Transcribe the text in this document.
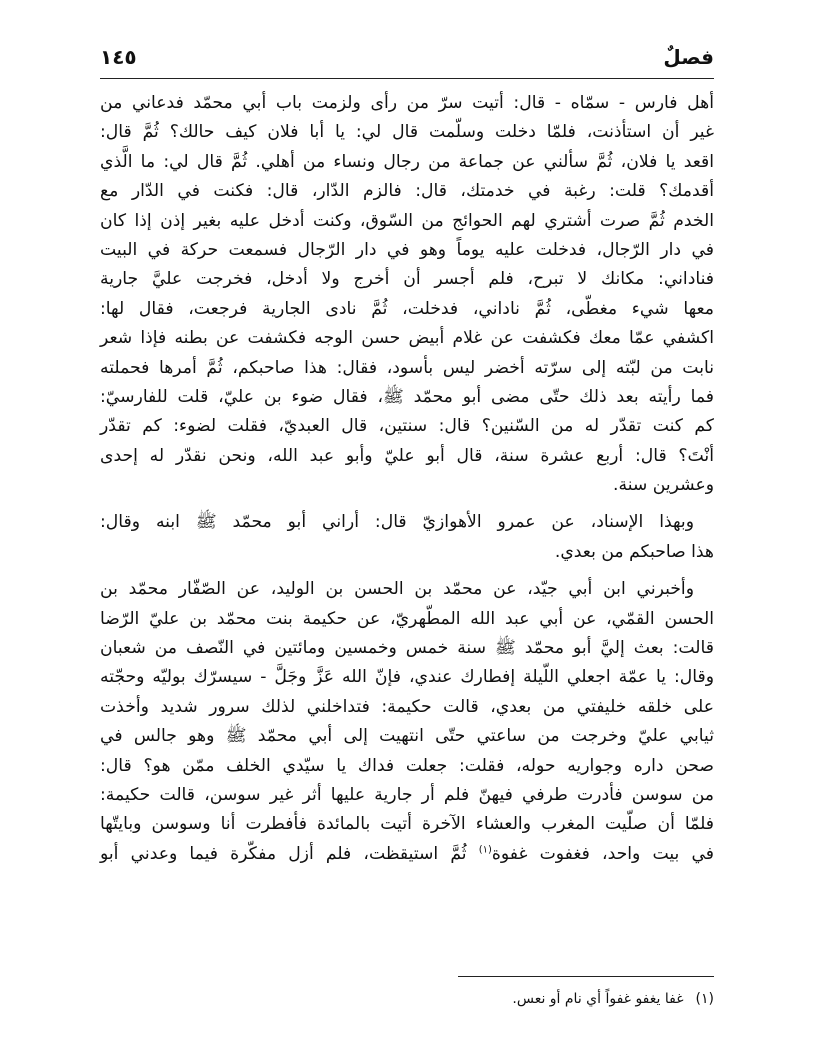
فصلٌ
١٤٥
أهل فارس - سمّاه - قال: أتيت سرّ من رأى ولزمت باب أبي محمّد فدعاني من
غير أن استأذنت، فلمّا دخلت وسلّمت قال لي: يا أبا فلان كيف حالك؟ ثُمَّ قال:
اقعد يا فلان، ثُمَّ سألني عن جماعة من رجال ونساء من أهلي. ثُمَّ قال لي: ما الَّذي
أقدمك؟ قلت: رغبة في خدمتك، قال: فالزم الدّار، قال: فكنت في الدّار مع
الخدم ثُمَّ صرت أشتري لهم الحوائج من السّوق، وكنت أدخل عليه بغير إذن إذا كان
في دار الرّجال، فدخلت عليه يوماً وهو في دار الرّجال فسمعت حركة في البيت
فناداني: مكانك لا تبرح، فلم أجسر أن أخرج ولا أدخل، فخرجت عليَّ جارية
معها شيء مغطّى، ثُمَّ ناداني، فدخلت، ثُمَّ نادى الجارية فرجعت، فقال لها:
اكشفي عمّا معك فكشفت عن غلام أبيض حسن الوجه فكشفت عن بطنه فإذا شعر
نابت من لبّته إلى سرّته أخضر ليس بأسود، فقال: هذا صاحبكم، ثُمَّ أمرها فحملته
فما رأيته بعد ذلك حتّى مضى أبو محمّد ﷺ، فقال ضوء بن عليّ، قلت للفارسيّ:
كم كنت تقدّر له من السّنين؟ قال: سنتين، قال العبديّ، فقلت لضوء: كم تقدّر
أنْتَ؟ قال: أربع عشرة سنة، قال أبو عليّ وأبو عبد الله، ونحن نقدّر له إحدى
وعشرين سنة.
وبهذا الإسناد، عن عمرو الأهوازيّ قال: أراني أبو محمّد ﷺ ابنه وقال:
هذا صاحبكم من بعدي.
وأخبرني ابن أبي جيّد، عن محمّد بن الحسن بن الوليد، عن الصّفّار محمّد بن
الحسن القمّي، عن أبي عبد الله المطّهريّ، عن حكيمة بنت محمّد بن عليّ الرّضا
قالت: بعث إليَّ أبو محمّد ﷺ سنة خمس وخمسين ومائتين في النّصف من شعبان
وقال: يا عمّة اجعلي اللّيلة إفطارك عندي، فإنّ الله عَزَّ وجَلَّ - سيسرّك بوليّه وحجّته
على خلقه خليفتي من بعدي، قالت حكيمة: فتداخلني لذلك سرور شديد وأخذت
ثيابي عليّ وخرجت من ساعتي حتّى انتهيت إلى أبي محمّد ﷺ وهو جالس في
صحن داره وجواريه حوله، فقلت: جعلت فداك يا سيّدي الخلف ممّن هو؟ قال:
من سوسن فأدرت طرفي فيهنّ فلم أر جارية عليها أثر غير سوسن، قالت حكيمة:
فلمّا أن صلّيت المغرب والعشاء الآخرة أتيت بالمائدة فأفطرت أنا وسوسن وبايتّها
في بيت واحد، فغفوت غفوة$^{(١)}$ ثُمَّ استيقظت، فلم أزل مفكّرة فيما وعدني أبو
(١)غفا يغفو غفواً أي نام أو نعس.
